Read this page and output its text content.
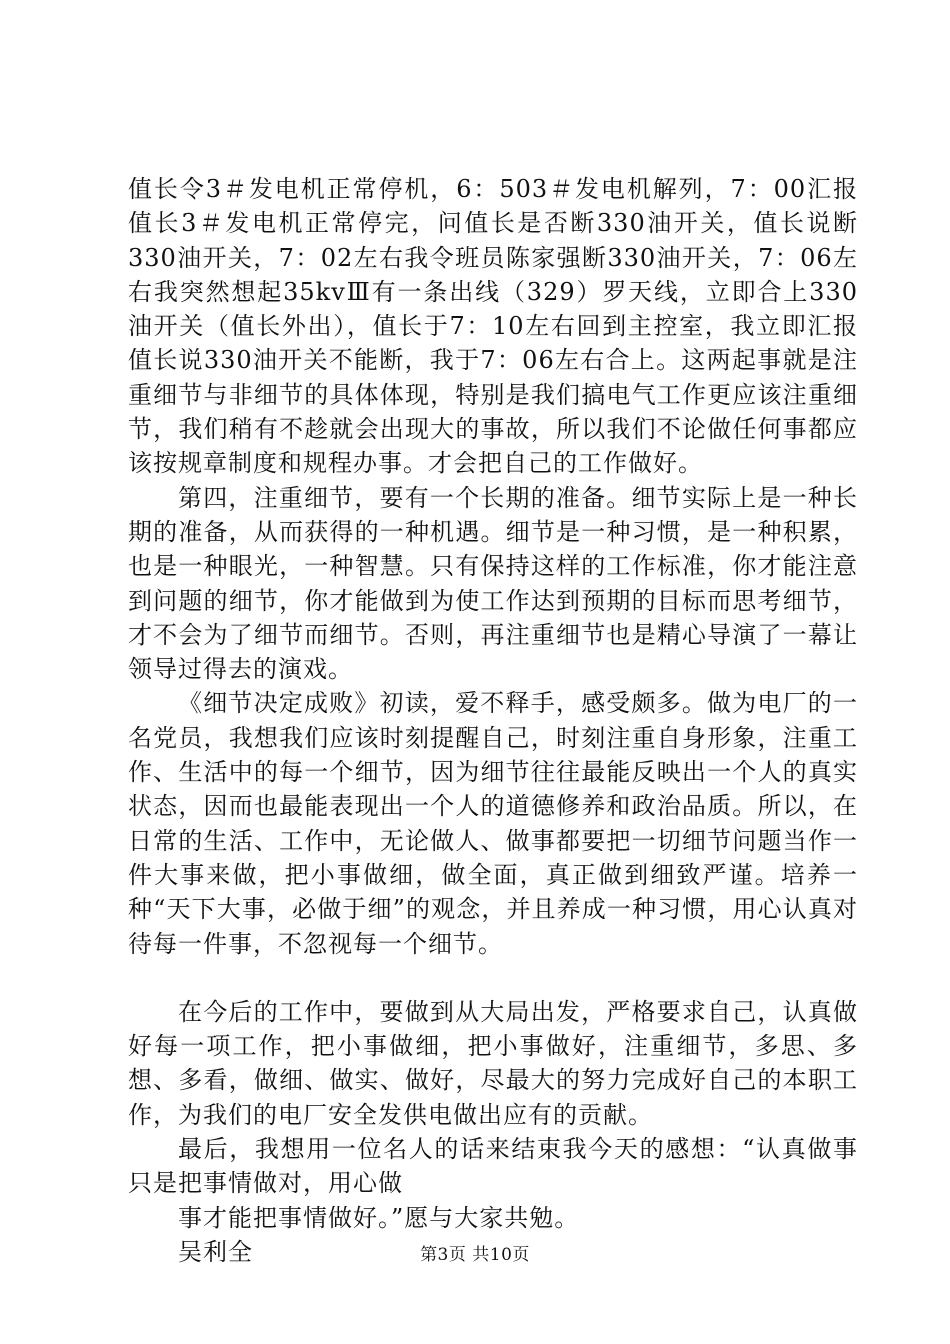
值长令3＃发电机正常停机，6：503＃发电机解列，7：00汇报值长3＃发电机正常停完，问值长是否断330油开关，值长说断330油开关，7：02左右我令班员陈家强断330油开关，7：06左右我突然想起35kvⅢ有一条出线（329）罗天线，立即合上330油开关（值长外出），值长于7：10左右回到主控室，我立即汇报值长说330油开关不能断，我于7：06左右合上。这两起事就是注重细节与非细节的具体体现，特别是我们搞电气工作更应该注重细节，我们稍有不趁就会出现大的事故，所以我们不论做任何事都应该按规章制度和规程办事。才会把自己的工作做好。

第四，注重细节，要有一个长期的准备。细节实际上是一种长期的准备，从而获得的一种机遇。细节是一种习惯，是一种积累，也是一种眼光，一种智慧。只有保持这样的工作标准，你才能注意到问题的细节，你才能做到为使工作达到预期的目标而思考细节，才不会为了细节而细节。否则，再注重细节也是精心导演了一幕让领导过得去的演戏。

《细节决定成败》初读，爱不释手，感受颇多。做为电厂的一名党员，我想我们应该时刻提醒自己，时刻注重自身形象，注重工作、生活中的每一个细节，因为细节往往最能反映出一个人的真实状态，因而也最能表现出一个人的道德修养和政治品质。所以，在日常的生活、工作中，无论做人、做事都要把一切细节问题当作一件大事来做，把小事做细，做全面，真正做到细致严谨。培养一种“天下大事，必做于细”的观念，并且养成一种习惯，用心认真对待每一件事，不忽视每一个细节。

在今后的工作中，要做到从大局出发，严格要求自己，认真做好每一项工作，把小事做细，把小事做好，注重细节，多思、多想、多看，做细、做实、做好，尽最大的努力完成好自己的本职工作，为我们的电厂安全发供电做出应有的贡献。

最后，我想用一位名人的话来结束我今天的感想：“认真做事只是把事情做对，用心做

事才能把事情做好。”愿与大家共勉。

吴利全	第3页 共10页
